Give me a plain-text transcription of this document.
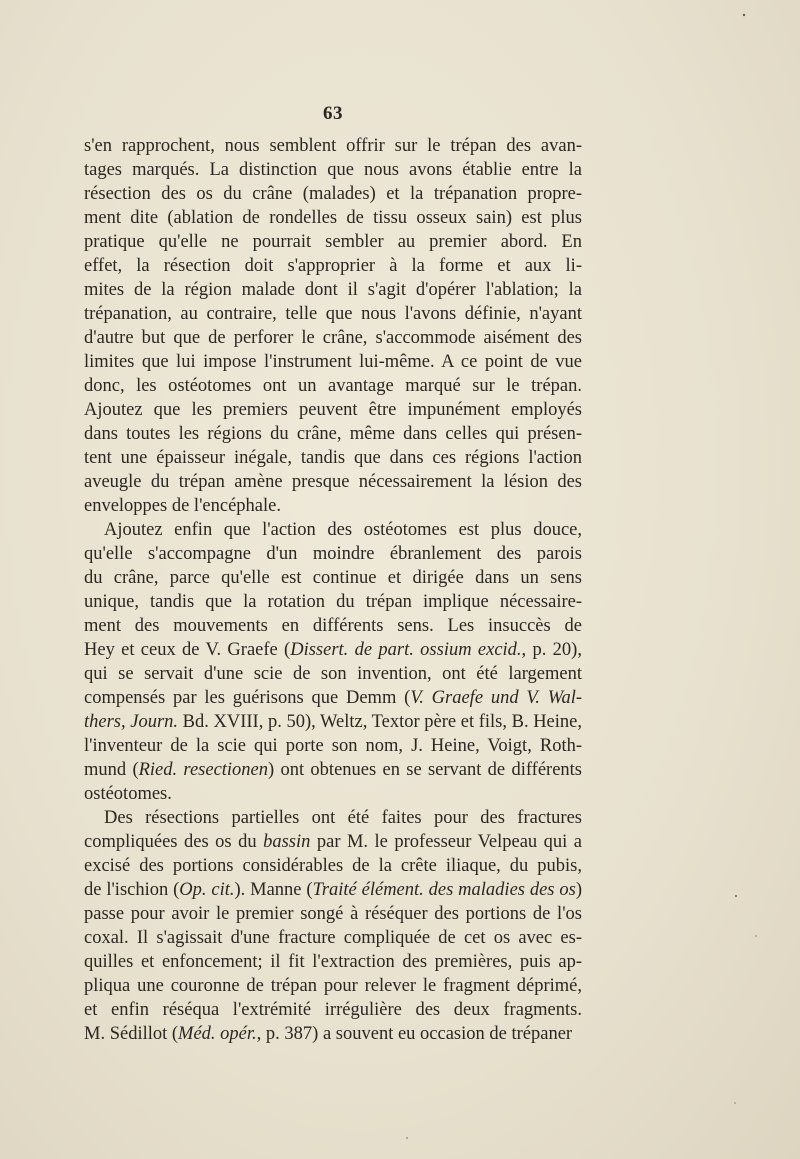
63
s'en rapprochent, nous semblent offrir sur le trépan des avan-
tages marqués. La distinction que nous avons établie entre la
résection des os du crâne (malades) et la trépanation propre-
ment dite (ablation de rondelles de tissu osseux sain) est plus
pratique qu'elle ne pourrait sembler au premier abord. En
effet, la résection doit s'approprier à la forme et aux li-
mites de la région malade dont il s'agit d'opérer l'ablation; la
trépanation, au contraire, telle que nous l'avons définie, n'ayant
d'autre but que de perforer le crâne, s'accommode aisément des
limites que lui impose l'instrument lui-même. A ce point de vue
donc, les ostéotomes ont un avantage marqué sur le trépan.
Ajoutez que les premiers peuvent être impunément employés
dans toutes les régions du crâne, même dans celles qui présen-
tent une épaisseur inégale, tandis que dans ces régions l'action
aveugle du trépan amène presque nécessairement la lésion des
enveloppes de l'encéphale.
Ajoutez enfin que l'action des ostéotomes est plus douce,
qu'elle s'accompagne d'un moindre ébranlement des parois
du crâne, parce qu'elle est continue et dirigée dans un sens
unique, tandis que la rotation du trépan implique nécessaire-
ment des mouvements en différents sens. Les insuccès de
Hey et ceux de V. Graefe (Dissert. de part. ossium excid., p. 20),
qui se servait d'une scie de son invention, ont été largement
compensés par les guérisons que Demm (V. Graefe und V. Wal-
thers, Journ. Bd. XVIII, p. 50), Weltz, Textor père et fils, B. Heine,
l'inventeur de la scie qui porte son nom, J. Heine, Voigt, Roth-
mund (Ried. resectionen) ont obtenues en se servant de différents
ostéotomes.
Des résections partielles ont été faites pour des fractures
compliquées des os du bassin par M. le professeur Velpeau qui a
excisé des portions considérables de la crête iliaque, du pubis,
de l'ischion (Op. cit.). Manne (Traité élément. des maladies des os)
passe pour avoir le premier songé à réséquer des portions de l'os
coxal. Il s'agissait d'une fracture compliquée de cet os avec es-
quilles et enfoncement; il fit l'extraction des premières, puis ap-
pliqua une couronne de trépan pour relever le fragment déprimé,
et enfin réséqua l'extrémité irrégulière des deux fragments.
M. Sédillot (Méd. opér., p. 387) a souvent eu occasion de trépaner
